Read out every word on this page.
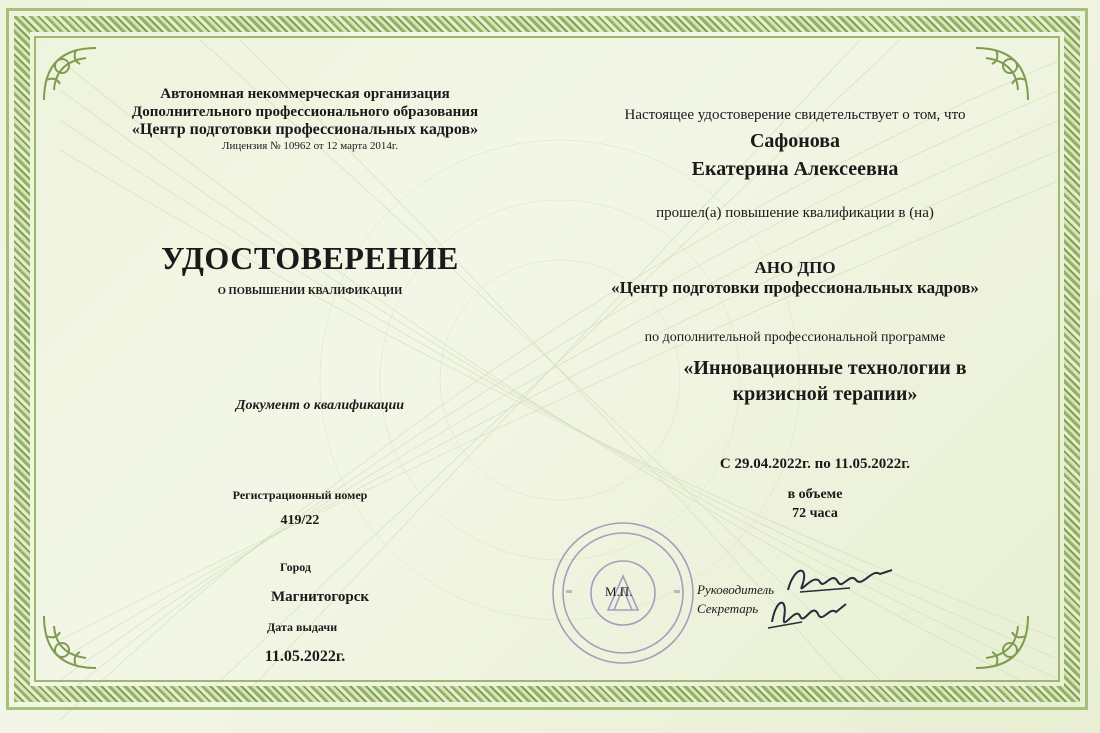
Автономная некоммерческая организация
Дополнительного профессионального образования
«Центр подготовки профессиональных кадров»
Лицензия № 10962 от 12 марта 2014г.
УДОСТОВЕРЕНИЕ
О ПОВЫШЕНИИ КВАЛИФИКАЦИИ
Документ о квалификации
Регистрационный номер
419/22
Город
Магнитогорск
Дата выдачи
11.05.2022г.
Настоящее удостоверение свидетельствует о том, что
Сафонова
Екатерина Алексеевна
прошел(а) повышение квалификации в (на)
АНО ДПО
«Центр подготовки профессиональных кадров»
по дополнительной профессиональной программе
«Инновационные технологии в
кризисной терапии»
С 29.04.2022г. по 11.05.2022г.
в объеме
72 часа
М.П.	Руководитель
Секретарь
